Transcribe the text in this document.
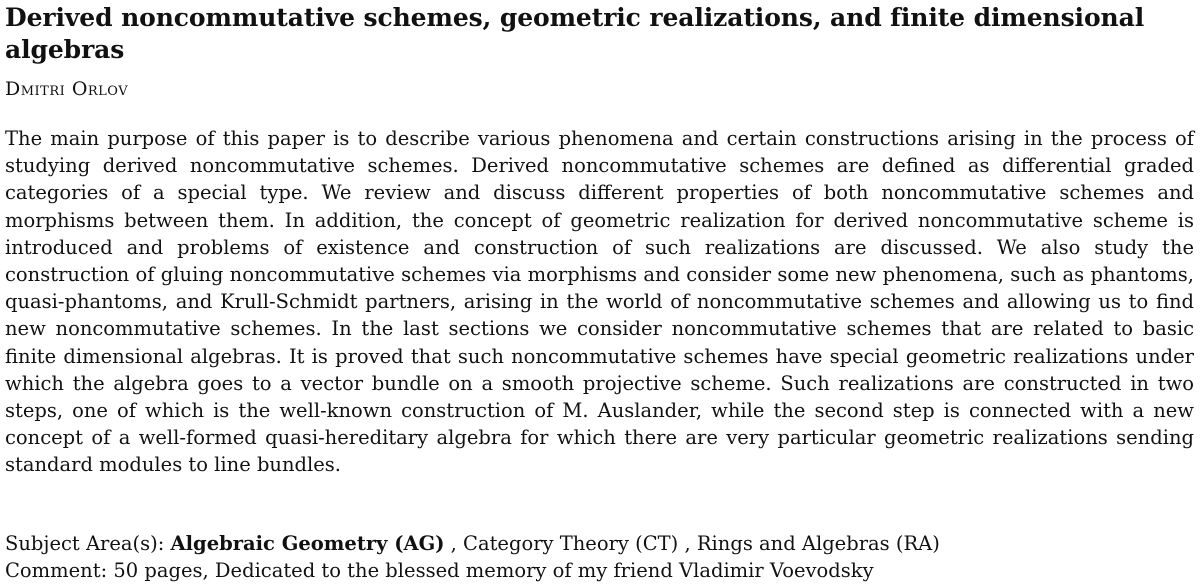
Derived noncommutative schemes, geometric realizations, and finite dimensional algebras
Dmitri Orlov

The main purpose of this paper is to describe various phenomena and certain constructions arising in the process of studying derived noncommutative schemes. Derived noncommutative schemes are defined as differential graded categories of a special type. We review and discuss different properties of both noncommutative schemes and morphisms between them. In addition, the concept of geometric realization for derived noncommutative scheme is introduced and problems of existence and construction of such realizations are discussed. We also study the construction of gluing noncommutative schemes via morphisms and consider some new phenomena, such as phantoms, quasi-phantoms, and Krull-Schmidt partners, arising in the world of noncommutative schemes and allowing us to find new noncommutative schemes. In the last sections we consider noncommutative schemes that are related to basic finite dimensional algebras. It is proved that such noncommutative schemes have special geometric realizations under which the algebra goes to a vector bundle on a smooth projective scheme. Such realizations are constructed in two steps, one of which is the well-known construction of M. Auslander, while the second step is connected with a new concept of a well-formed quasi-hereditary algebra for which there are very particular geometric realizations sending standard modules to line bundles.

Subject Area(s): Algebraic Geometry (AG) , Category Theory (CT) , Rings and Algebras (RA)
Comment: 50 pages, Dedicated to the blessed memory of my friend Vladimir Voevodsky
